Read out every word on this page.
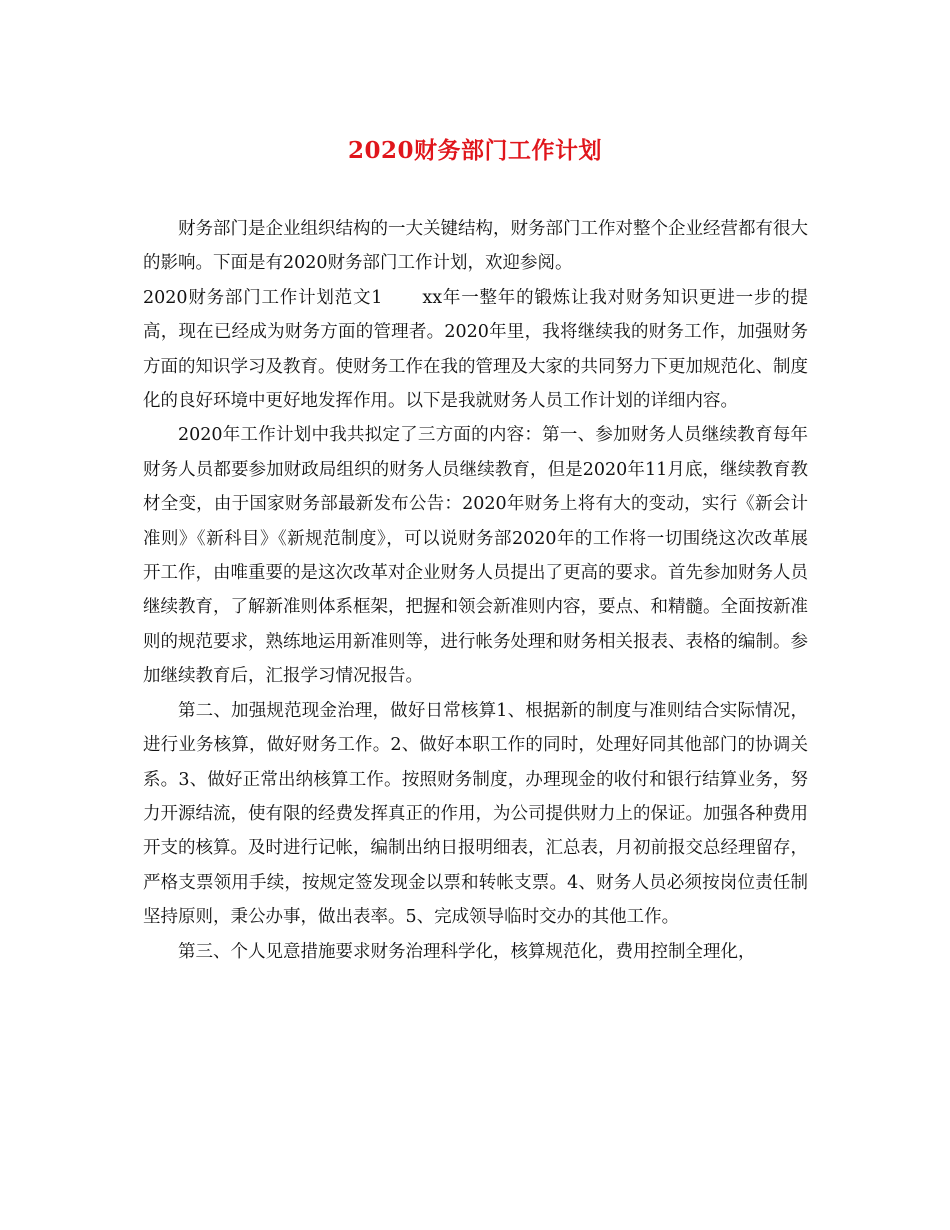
2020财务部门工作计划

财务部门是企业组织结构的一大关键结构，财务部门工作对整个企业经营都有很大的影响。下面是有2020财务部门工作计划，欢迎参阅。

2020财务部门工作计划范文1 xx年一整年的锻炼让我对财务知识更进一步的提高，现在已经成为财务方面的管理者。2020年里，我将继续我的财务工作，加强财务方面的知识学习及教育。使财务工作在我的管理及大家的共同努力下更加规范化、制度化的良好环境中更好地发挥作用。以下是我就财务人员工作计划的详细内容。

2020年工作计划中我共拟定了三方面的内容：第一、参加财务人员继续教育每年财务人员都要参加财政局组织的财务人员继续教育，但是2020年11月底，继续教育教材全变，由于国家财务部最新发布公告：2020年财务上将有大的变动，实行《新会计准则》《新科目》《新规范制度》，可以说财务部2020年的工作将一切围绕这次改革展开工作，由唯重要的是这次改革对企业财务人员提出了更高的要求。首先参加财务人员继续教育，了解新准则体系框架，把握和领会新准则内容，要点、和精髓。全面按新准则的规范要求，熟练地运用新准则等，进行帐务处理和财务相关报表、表格的编制。参加继续教育后，汇报学习情况报告。

第二、加强规范现金治理，做好日常核算1、根据新的制度与准则结合实际情况，进行业务核算，做好财务工作。2、做好本职工作的同时，处理好同其他部门的协调关系。3、做好正常出纳核算工作。按照财务制度，办理现金的收付和银行结算业务，努力开源结流，使有限的经费发挥真正的作用，为公司提供财力上的保证。加强各种费用开支的核算。及时进行记帐，编制出纳日报明细表，汇总表，月初前报交总经理留存，严格支票领用手续，按规定签发现金以票和转帐支票。4、财务人员必须按岗位责任制坚持原则，秉公办事，做出表率。5、完成领导临时交办的其他工作。

第三、个人见意措施要求财务治理科学化，核算规范化，费用控制全理化，
